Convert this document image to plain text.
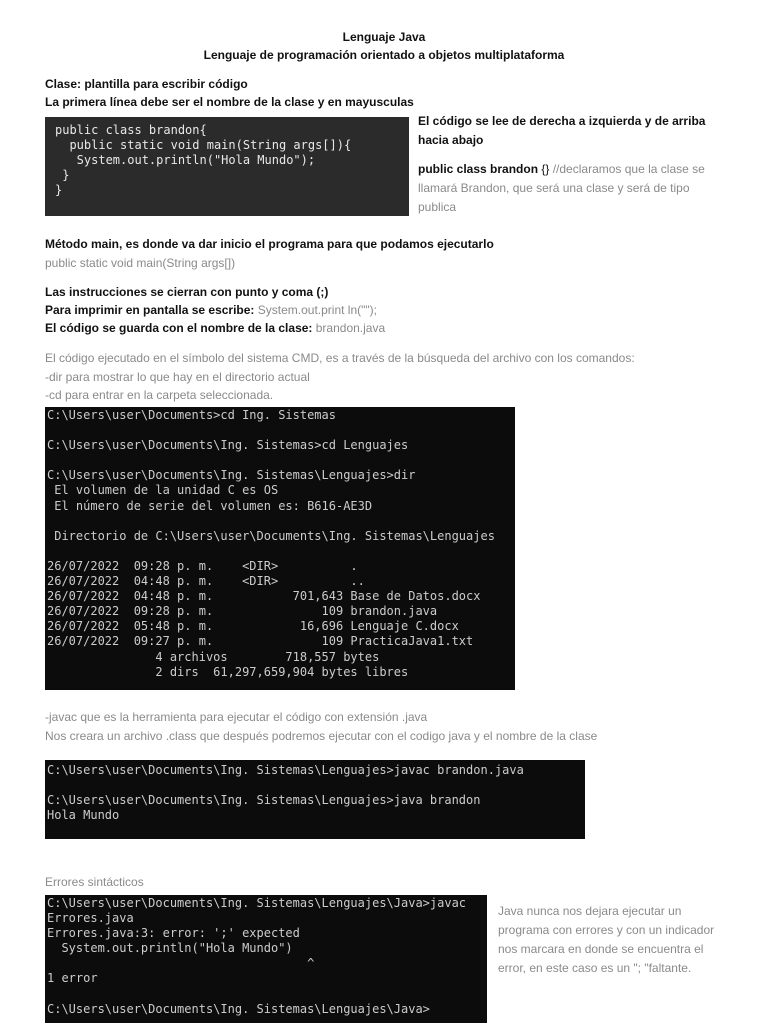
Lenguaje Java
Lenguaje de programación orientado a objetos multiplataforma
Clase: plantilla para escribir código
La primera línea debe ser el nombre de la clase y en mayusculas
public class brandon{
public static void main(String args[]){
System.out.println("Hola Mundo");
}
}
El código se lee de derecha a izquierda y de arriba hacia abajo
public class brandon {} //declaramos que la clase se llamará Brandon, que será una clase y será de tipo publica
Método main, es donde va dar inicio el programa para que podamos ejecutarlo
public static void main(String args[])
Las instrucciones se cierran con punto y coma (;)
Para imprimir en pantalla se escribe: System.out.print ln("");
El código se guarda con el nombre de la clase: brandon.java
El código ejecutado en el símbolo del sistema CMD, es a través de la búsqueda del archivo con los comandos:
-dir para mostrar lo que hay en el directorio actual
-cd para entrar en la carpeta seleccionada.
C:\Users\user\Documents>cd Ing. Sistemas
C:\Users\user\Documents\Ing. Sistemas>cd Lenguajes
C:\Users\user\Documents\Ing. Sistemas\Lenguajes>dir
El volumen de la unidad C es OS
El número de serie del volumen es: B616-AE3D
Directorio de C:\Users\user\Documents\Ing. Sistemas\Lenguajes
26/07/2022  09:28 p. m.    <DIR>          .
26/07/2022  04:48 p. m.    <DIR>          ..
26/07/2022  04:48 p. m.           701,643 Base de Datos.docx
26/07/2022  09:28 p. m.               109 brandon.java
26/07/2022  05:48 p. m.            16,696 Lenguaje C.docx
26/07/2022  09:27 p. m.               109 PracticaJava1.txt
4 archivos        718,557 bytes
2 dirs  61,297,659,904 bytes libres
-javac que es la herramienta para ejecutar el código con extensión .java
Nos creara un archivo .class que después podremos ejecutar con el codigo java y el nombre de la clase
C:\Users\user\Documents\Ing. Sistemas\Lenguajes>javac brandon.java
C:\Users\user\Documents\Ing. Sistemas\Lenguajes>java brandon
Hola Mundo
Errores sintácticos
C:\Users\user\Documents\Ing. Sistemas\Lenguajes\Java>javac
Errores.java
Errores.java:3: error: ';' expected
System.out.println("Hola Mundo")
^
1 error
C:\Users\user\Documents\Ing. Sistemas\Lenguajes\Java>
Java nunca nos dejara ejecutar un programa con errores y con un indicador nos marcara en donde se encuentra el error, en este caso es un "; "faltante.
